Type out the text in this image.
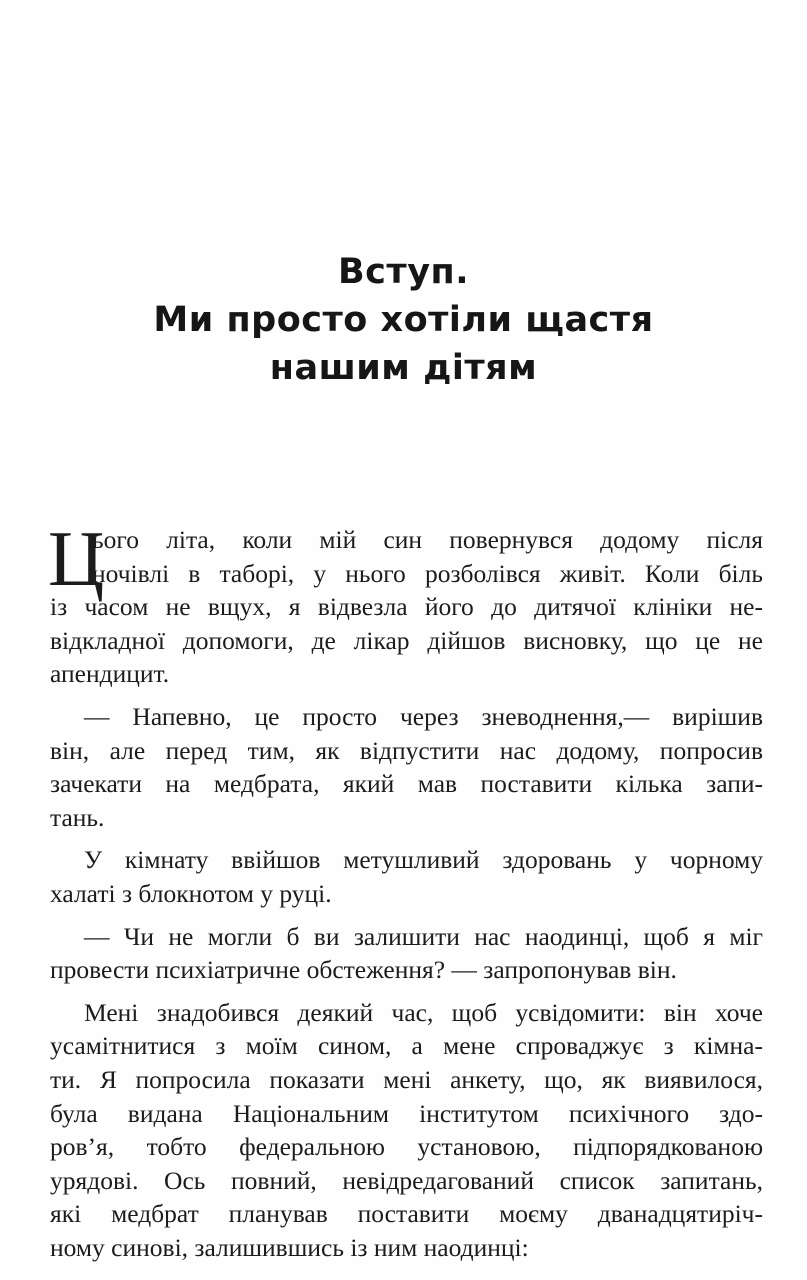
Вступ.
Ми просто хотіли щастя
нашим дітям
Ц
ього літа, коли мій син повернувся додому після
ночівлі в таборі, у нього розболівся живіт. Коли біль
із часом не вщух, я відвезла його до дитячої клініки не-
відкладної допомоги, де лікар дійшов висновку, що це не
апендицит.
— Напевно, це просто через зневоднення,— вирішив
він, але перед тим, як відпустити нас додому, попросив
зачекати на медбрата, який мав поставити кілька запи-
тань.
У кімнату ввійшов метушливий здоровань у чорному
халаті з блокнотом у руці.
— Чи не могли б ви залишити нас наодинці, щоб я міг
провести психіатричне обстеження? — запропонував він.
Мені знадобився деякий час, щоб усвідомити: він хоче
усамітнитися з моїм сином, а мене спроваджує з кімна-
ти. Я попросила показати мені анкету, що, як виявилося,
була видана Національним інститутом психічного здо-
ров’я, тобто федеральною установою, підпорядкованою
урядові. Ось повний, невідредагований список запитань,
які медбрат планував поставити моєму дванадцятиріч-
ному синові, залишившись із ним наодинці:
